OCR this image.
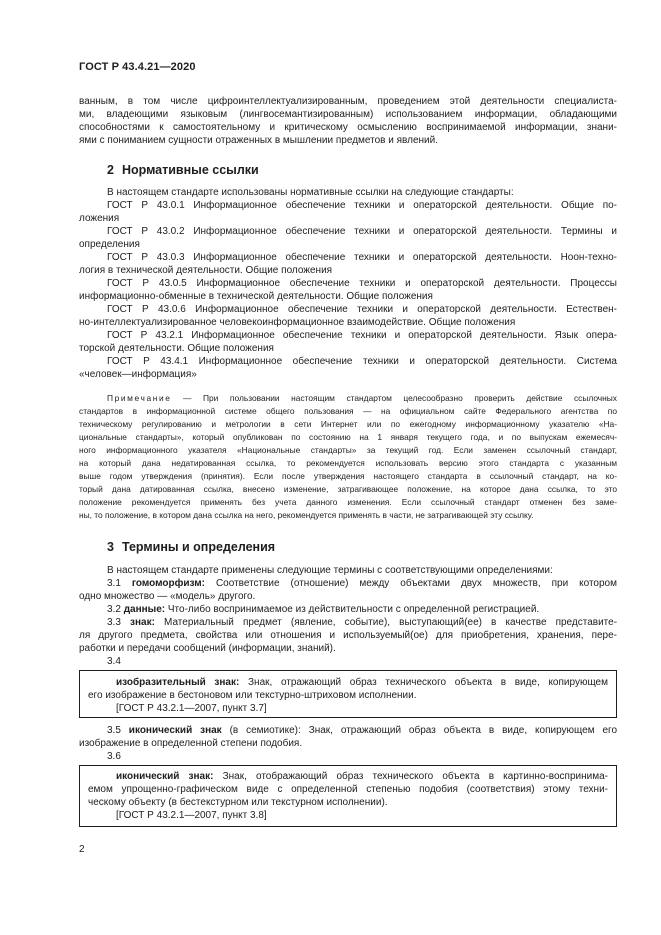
ГОСТ Р 43.4.21—2020
ванным, в том числе цифроинтеллектуализированным, проведением этой деятельности специалиста-
ми, владеющими языковым (лингвосемантизированным) использованием информации, обладающими
способностями к самостоятельному и критическому осмыслению воспринимаемой информации, знани-
ями с пониманием сущности отраженных в мышлении предметов и явлений.
2 Нормативные ссылки
В настоящем стандарте использованы нормативные ссылки на следующие стандарты:
ГОСТ Р 43.0.1 Информационное обеспечение техники и операторской деятельности. Общие по-
ложения
ГОСТ Р 43.0.2 Информационное обеспечение техники и операторской деятельности. Термины и
определения
ГОСТ Р 43.0.3 Информационное обеспечение техники и операторской деятельности. Ноон-техно-
логия в технической деятельности. Общие положения
ГОСТ Р 43.0.5 Информационное обеспечение техники и операторской деятельности. Процессы
информационно-обменные в технической деятельности. Общие положения
ГОСТ Р 43.0.6 Информационное обеспечение техники и операторской деятельности. Естествен-
но-интеллектуализированное человекоинформационное взаимодействие. Общие положения
ГОСТ Р 43.2.1 Информационное обеспечение техники и операторской деятельности. Язык опера-
торской деятельности. Общие положения
ГОСТ Р 43.4.1 Информационное обеспечение техники и операторской деятельности. Система
«человек—информация»
Примечание — При пользовании настоящим стандартом целесообразно проверить действие ссылочных
стандартов в информационной системе общего пользования — на официальном сайте Федерального агентства по
техническому регулированию и метрологии в сети Интернет или по ежегодному информационному указателю «На-
циональные стандарты», который опубликован по состоянию на 1 января текущего года, и по выпускам ежемесяч-
ного информационного указателя «Национальные стандарты» за текущий год. Если заменен ссылочный стандарт,
на который дана недатированная ссылка, то рекомендуется использовать версию этого стандарта с указанным
выше годом утверждения (принятия). Если после утверждения настоящего стандарта в ссылочный стандарт, на ко-
торый дана датированная ссылка, внесено изменение, затрагивающее положение, на которое дана ссылка, то это
положение рекомендуется применять без учета данного изменения. Если ссылочный стандарт отменен без заме-
ны, то положение, в котором дана ссылка на него, рекомендуется применять в части, не затрагивающей эту ссылку.
3 Термины и определения
В настоящем стандарте применены следующие термины с соответствующими определениями:
3.1 гомоморфизм: Соответствие (отношение) между объектами двух множеств, при котором
одно множество — «модель» другого.
3.2 данные: Что-либо воспринимаемое из действительности с определенной регистрацией.
3.3 знак: Материальный предмет (явление, событие), выступающий(ее) в качестве представите-
ля другого предмета, свойства или отношения и используемый(ое) для приобретения, хранения, пере-
работки и передачи сообщений (информации, знаний).
3.4
изобразительный знак: Знак, отражающий образ технического объекта в виде, копирующем
его изображение в бестоновом или текстурно-штриховом исполнении.
[ГОСТ Р 43.2.1—2007, пункт 3.7]
3.5 иконический знак (в семиотике): Знак, отражающий образ объекта в виде, копирующем его
изображение в определенной степени подобия.
3.6
иконический знак: Знак, отображающий образ технического объекта в картинно-воспринима-
емом упрощенно-графическом виде с определенной степенью подобия (соответствия) этому техни-
ческому объекту (в бестекстурном или текстурном исполнении).
[ГОСТ Р 43.2.1—2007, пункт 3.8]
2
